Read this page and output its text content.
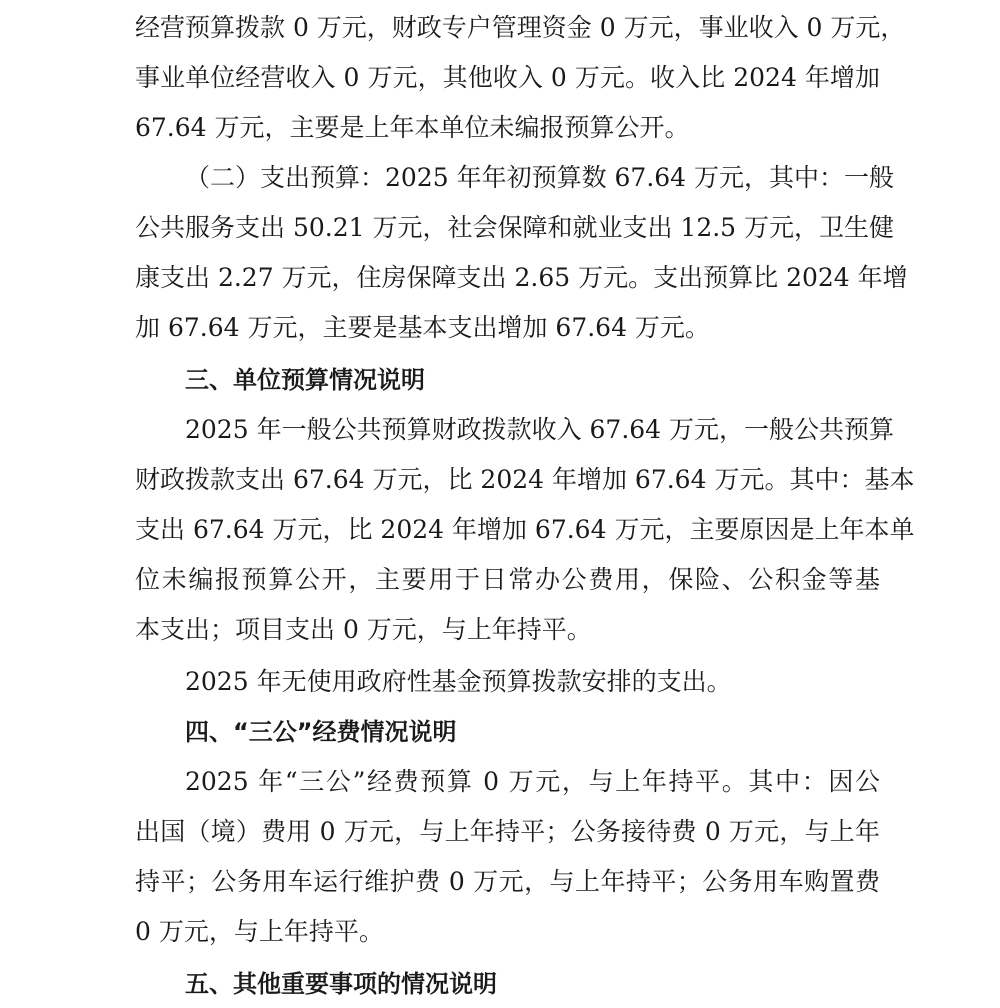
经营预算拨款 0 万元，财政专户管理资金 0 万元，事业收入 0 万元，
事业单位经营收入 0 万元，其他收入 0 万元。收入比 2024 年增加
67.64 万元，主要是上年本单位未编报预算公开。
（二）支出预算：2025 年年初预算数 67.64 万元，其中：一般
公共服务支出 50.21 万元，社会保障和就业支出 12.5 万元，卫生健
康支出 2.27 万元，住房保障支出 2.65 万元。支出预算比 2024 年增
加 67.64 万元，主要是基本支出增加 67.64 万元。
三、单位预算情况说明
2025 年一般公共预算财政拨款收入 67.64 万元，一般公共预算
财政拨款支出 67.64 万元，比 2024 年增加 67.64 万元。其中：基本
支出 67.64 万元，比 2024 年增加 67.64 万元，主要原因是上年本单
位未编报预算公开，主要用于日常办公费用，保险、公积金等基
本支出；项目支出 0 万元，与上年持平。
2025 年无使用政府性基金预算拨款安排的支出。
四、“三公”经费情况说明
2025 年“三公”经费预算 0 万元，与上年持平。其中：因公
出国（境）费用 0 万元，与上年持平；公务接待费 0 万元，与上年
持平；公务用车运行维护费 0 万元，与上年持平；公务用车购置费
0 万元，与上年持平。
五、其他重要事项的情况说明
